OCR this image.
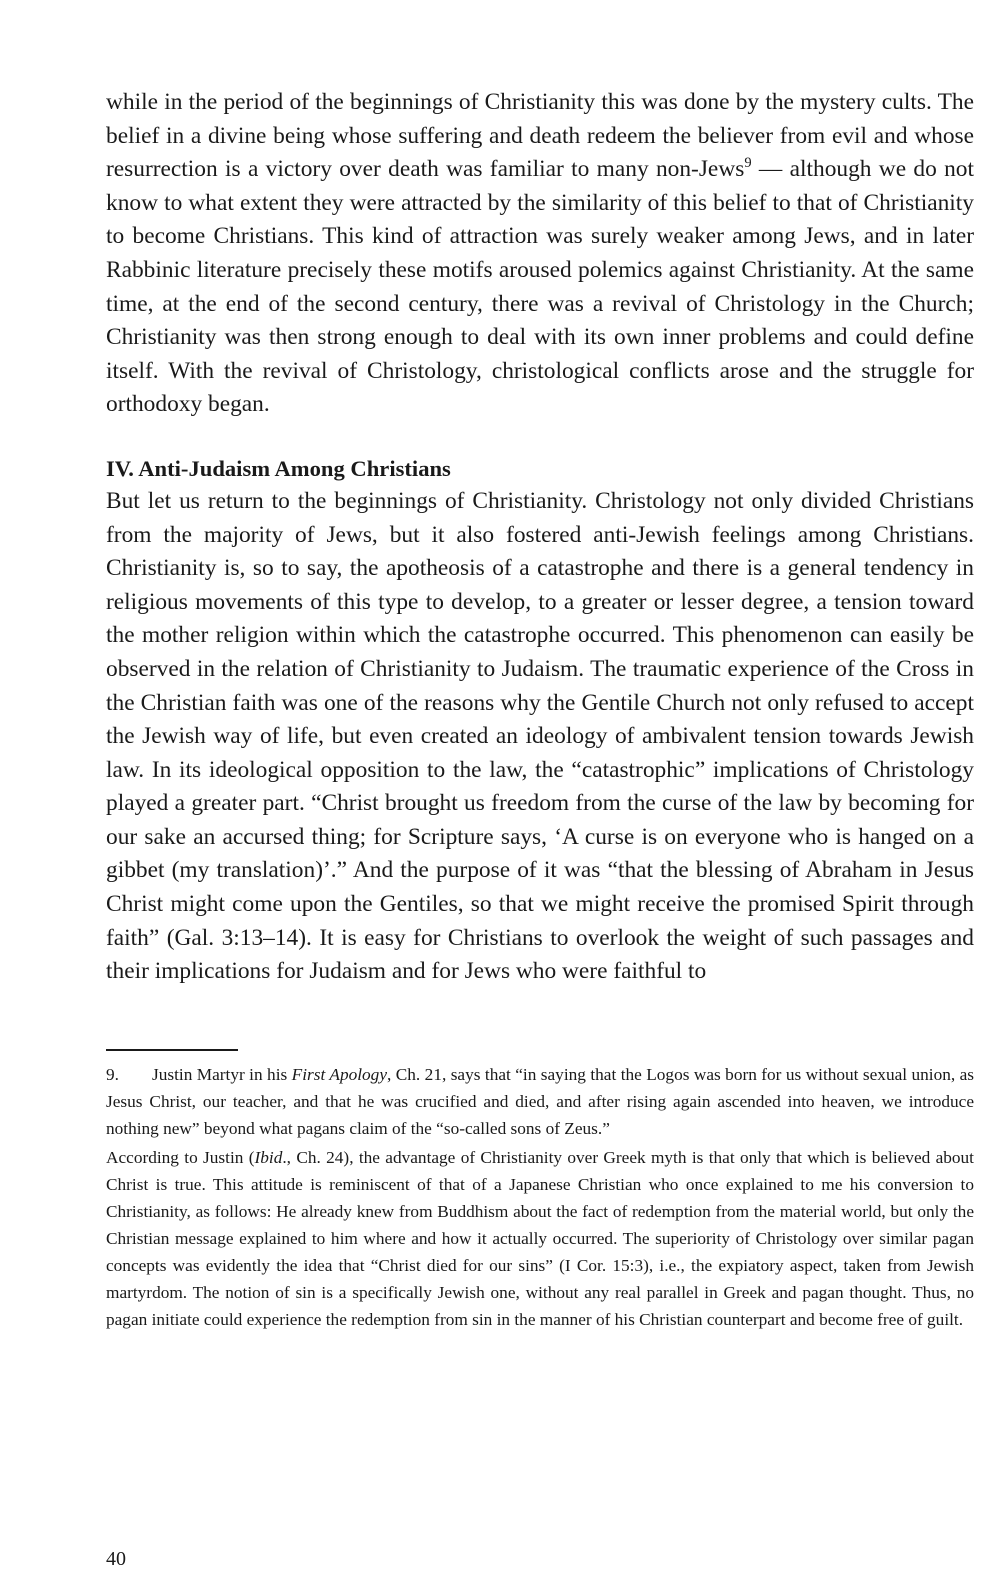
while in the period of the beginnings of Christianity this was done by the mystery cults. The belief in a divine being whose suffering and death redeem the believer from evil and whose resurrection is a victory over death was familiar to many non-Jews$^9$ — although we do not know to what extent they were attracted by the similarity of this belief to that of Christianity to become Christians. This kind of attraction was surely weaker among Jews, and in later Rabbinic literature precisely these motifs aroused polemics against Christianity. At the same time, at the end of the second century, there was a revival of Christology in the Church; Christianity was then strong enough to deal with its own inner problems and could define itself. With the revival of Christology, christological conflicts arose and the struggle for orthodoxy began.

IV. Anti-Judaism Among Christians

But let us return to the beginnings of Christianity. Christology not only divided Christians from the majority of Jews, but it also fostered anti-Jewish feelings among Christians. Christianity is, so to say, the apotheosis of a catastrophe and there is a general tendency in religious movements of this type to develop, to a greater or lesser degree, a tension toward the mother religion within which the catastrophe occurred. This phenomenon can easily be observed in the relation of Christianity to Judaism. The traumatic experience of the Cross in the Christian faith was one of the reasons why the Gentile Church not only refused to accept the Jewish way of life, but even created an ideology of ambivalent tension towards Jewish law. In its ideological opposition to the law, the “catastrophic” implications of Christology played a greater part. “Christ brought us freedom from the curse of the law by becoming for our sake an accursed thing; for Scripture says, ‘A curse is on everyone who is hanged on a gibbet (my translation)’.” And the purpose of it was “that the blessing of Abraham in Jesus Christ might come upon the Gentiles, so that we might receive the promised Spirit through faith” (Gal. 3:13–14). It is easy for Christians to overlook the weight of such passages and their implications for Judaism and for Jews who were faithful to

9. Justin Martyr in his First Apology, Ch. 21, says that “in saying that the Logos was born for us without sexual union, as Jesus Christ, our teacher, and that he was crucified and died, and after rising again ascended into heaven, we introduce nothing new” beyond what pagans claim of the “so-called sons of Zeus.”

According to Justin (Ibid., Ch. 24), the advantage of Christianity over Greek myth is that only that which is believed about Christ is true. This attitude is reminiscent of that of a Japanese Christian who once explained to me his conversion to Christianity, as follows: He already knew from Buddhism about the fact of redemption from the material world, but only the Christian message explained to him where and how it actually occurred. The superiority of Christology over similar pagan concepts was evidently the idea that “Christ died for our sins” (I Cor. 15:3), i.e., the expiatory aspect, taken from Jewish martyrdom. The notion of sin is a specifically Jewish one, without any real parallel in Greek and pagan thought. Thus, no pagan initiate could experience the redemption from sin in the manner of his Christian counterpart and become free of guilt.

40
